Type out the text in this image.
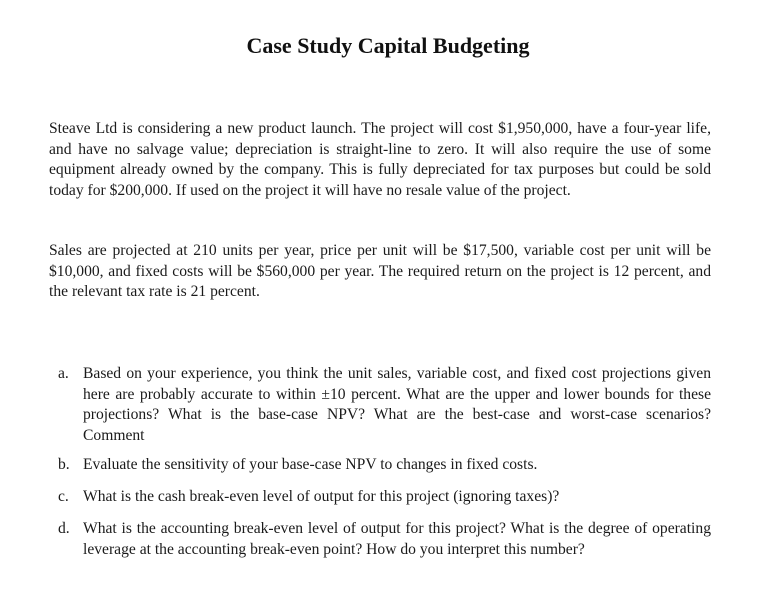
Case Study Capital Budgeting

Steave Ltd is considering a new product launch. The project will cost $1,950,000, have a four-year life, and have no salvage value; depreciation is straight-line to zero. It will also require the use of some equipment already owned by the company. This is fully depreciated for tax purposes but could be sold today for $200,000. If used on the project it will have no resale value of the project.

Sales are projected at 210 units per year, price per unit will be $17,500, variable cost per unit will be $10,000, and fixed costs will be $560,000 per year. The required return on the project is 12 percent, and the relevant tax rate is 21 percent.

a. Based on your experience, you think the unit sales, variable cost, and fixed cost projections given here are probably accurate to within ±10 percent. What are the upper and lower bounds for these projections? What is the base-case NPV? What are the best-case and worst-case scenarios? Comment
b. Evaluate the sensitivity of your base-case NPV to changes in fixed costs.
c. What is the cash break-even level of output for this project (ignoring taxes)?
d. What is the accounting break-even level of output for this project? What is the degree of operating leverage at the accounting break-even point? How do you interpret this number?
